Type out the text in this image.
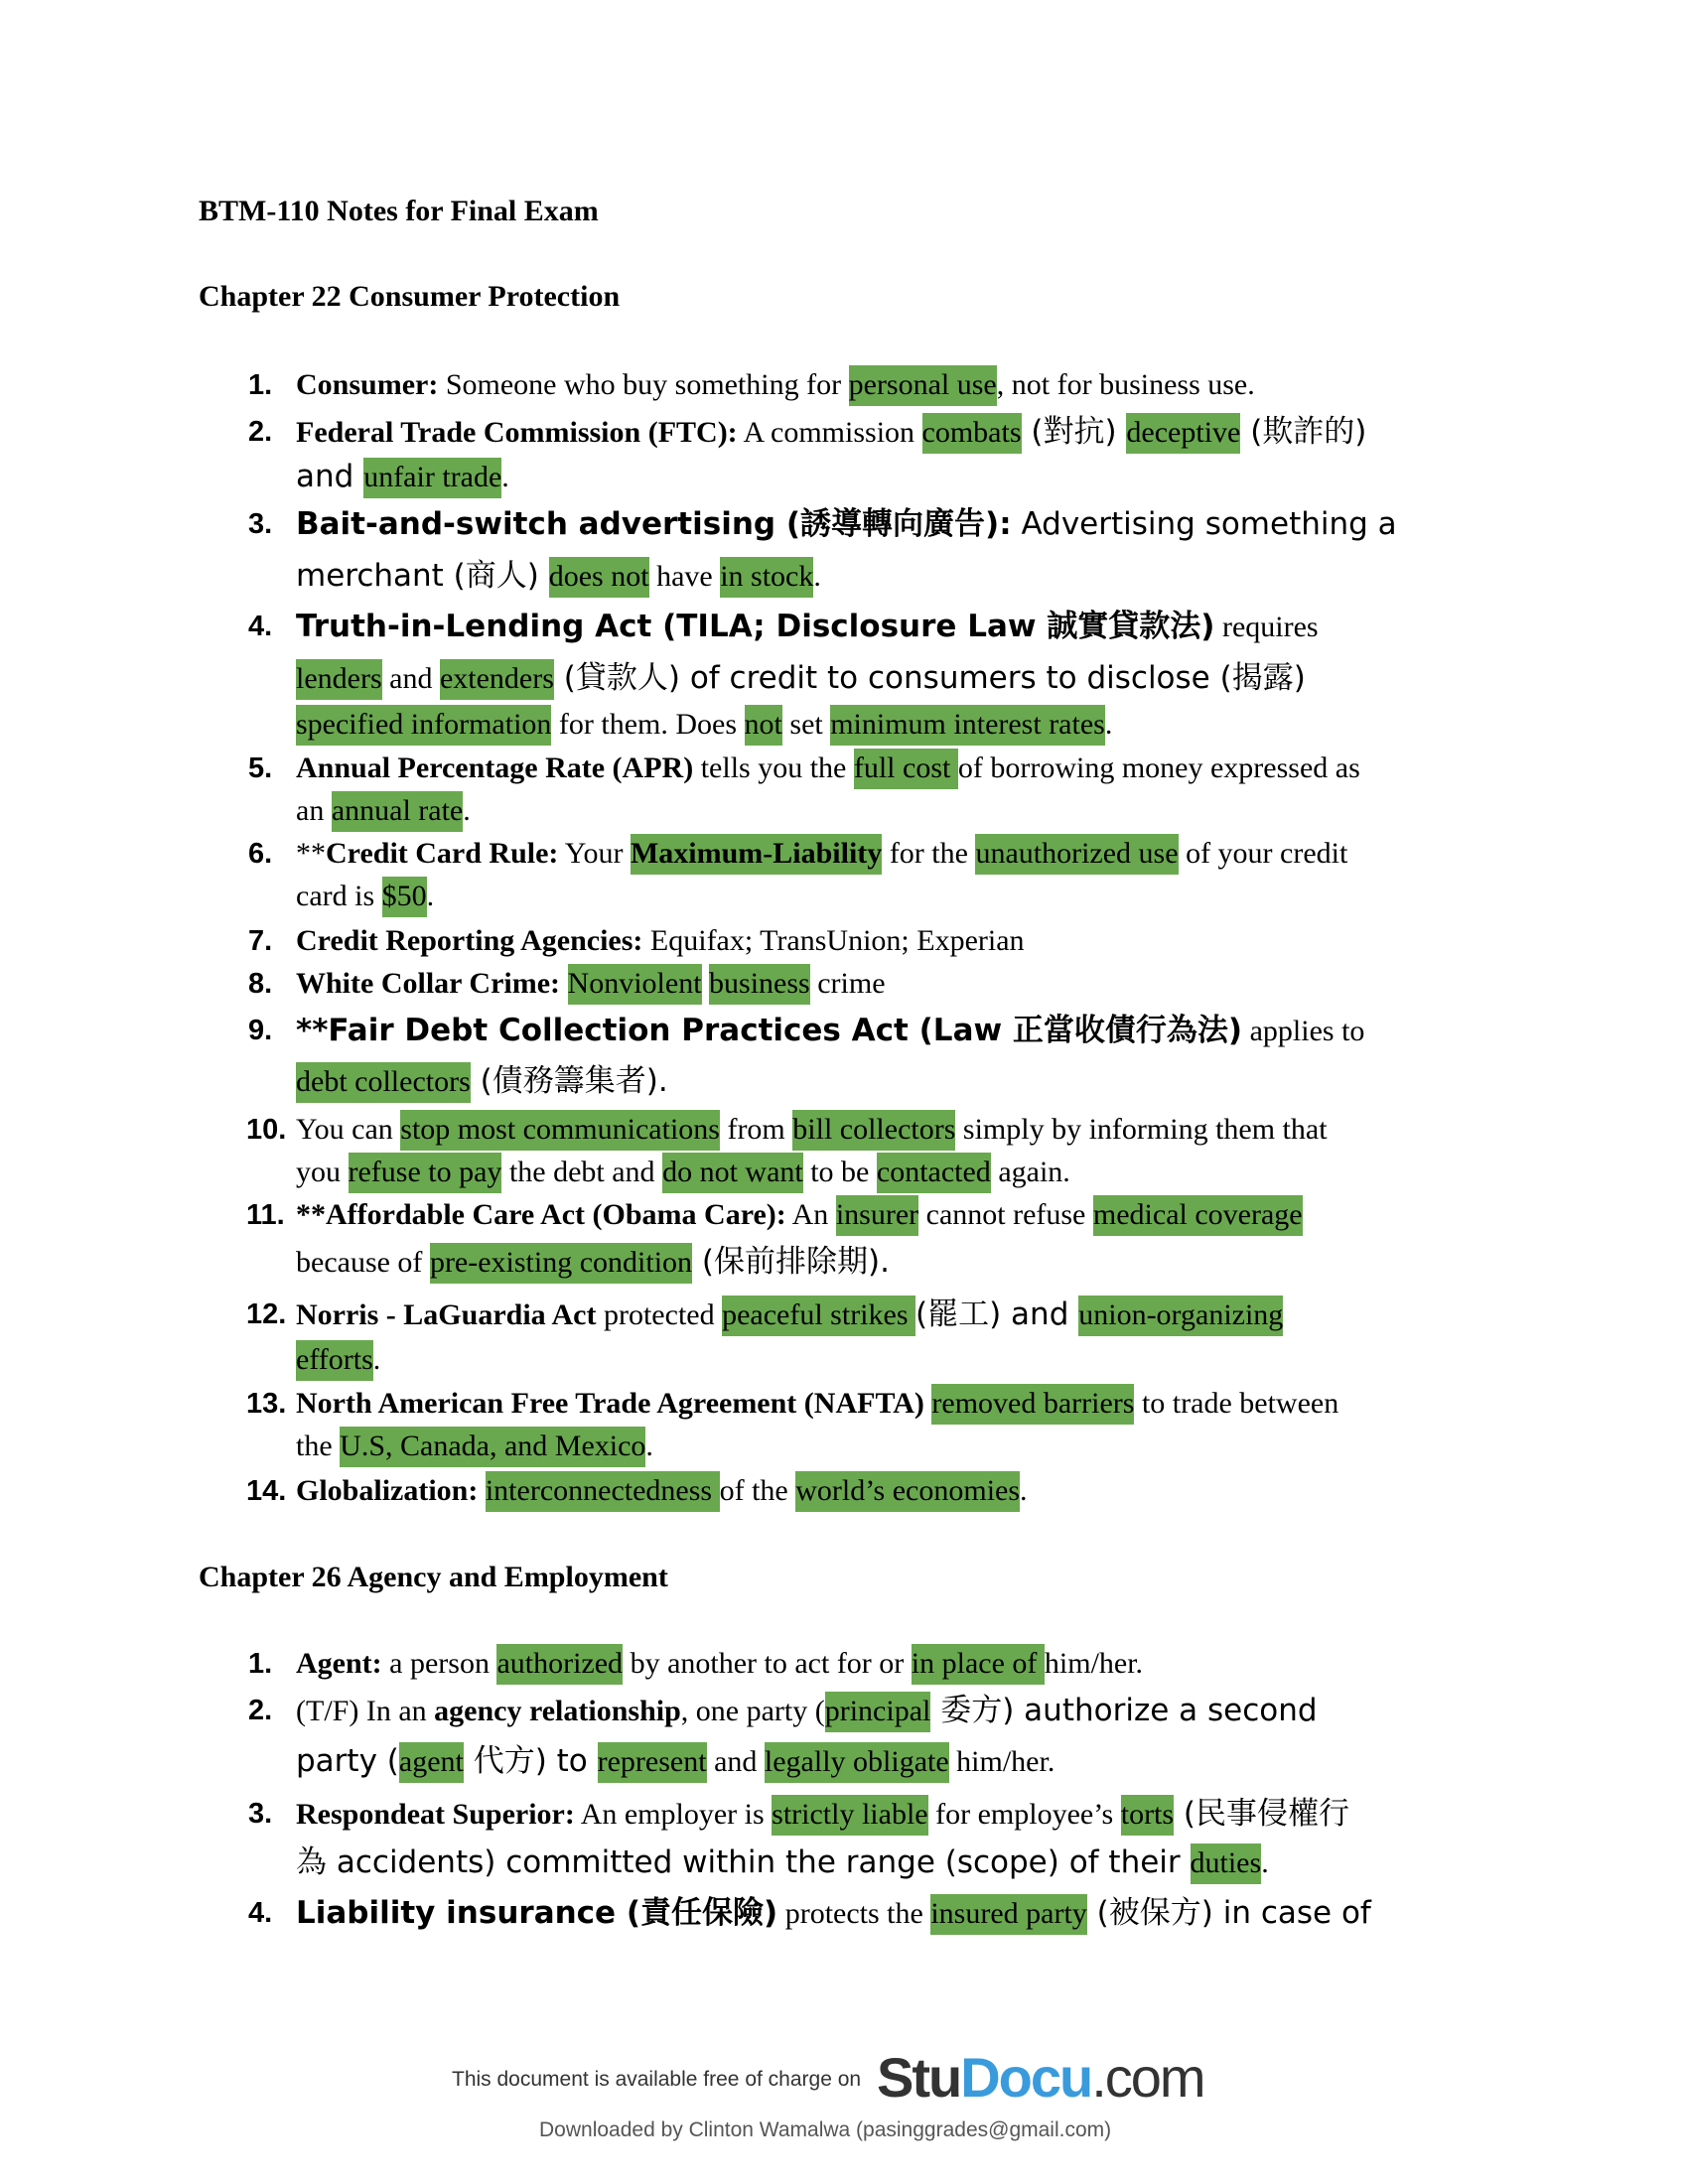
BTM-110 Notes for Final Exam
Chapter 22 Consumer Protection
1. Consumer: Someone who buy something for personal use, not for business use.
2. Federal Trade Commission (FTC): A commission combats (對抗) deceptive (欺詐的)
and unfair trade.
3. Bait-and-switch advertising (誘導轉向廣告): Advertising something a
merchant (商人) does not have in stock.
4. Truth-in-Lending Act (TILA; Disclosure Law 誠實貸款法) requires
lenders and extenders (貸款人) of credit to consumers to disclose (揭露)
specified information for them. Does not set minimum interest rates.
5. Annual Percentage Rate (APR) tells you the full cost of borrowing money expressed as
an annual rate.
6. **Credit Card Rule: Your Maximum-Liability for the unauthorized use of your credit
card is $50.
7. Credit Reporting Agencies: Equifax; TransUnion; Experian
8. White Collar Crime: Nonviolent business crime
9. **Fair Debt Collection Practices Act (Law 正當收債行為法) applies to
debt collectors (債務籌集者).
10. You can stop most communications from bill collectors simply by informing them that
you refuse to pay the debt and do not want to be contacted again.
11. **Affordable Care Act (Obama Care): An insurer cannot refuse medical coverage
because of pre-existing condition (保前排除期).
12. Norris - LaGuardia Act protected peaceful strikes (罷工) and union-organizing
efforts.
13. North American Free Trade Agreement (NAFTA) removed barriers to trade between
the U.S, Canada, and Mexico.
14. Globalization: interconnectedness of the world’s economies.
Chapter 26 Agency and Employment
1. Agent: a person authorized by another to act for or in place of him/her.
2. (T/F) In an agency relationship, one party (principal 委方) authorize a second
party (agent 代方) to represent and legally obligate him/her.
3. Respondeat Superior: An employer is strictly liable for employee’s torts (民事侵權行
為 accidents) committed within the range (scope) of their duties.
4. Liability insurance (責任保險) protects the insured party (被保方) in case of
This document is available free of charge on StuDocu.com
Downloaded by Clinton Wamalwa (pasinggrades@gmail.com)
